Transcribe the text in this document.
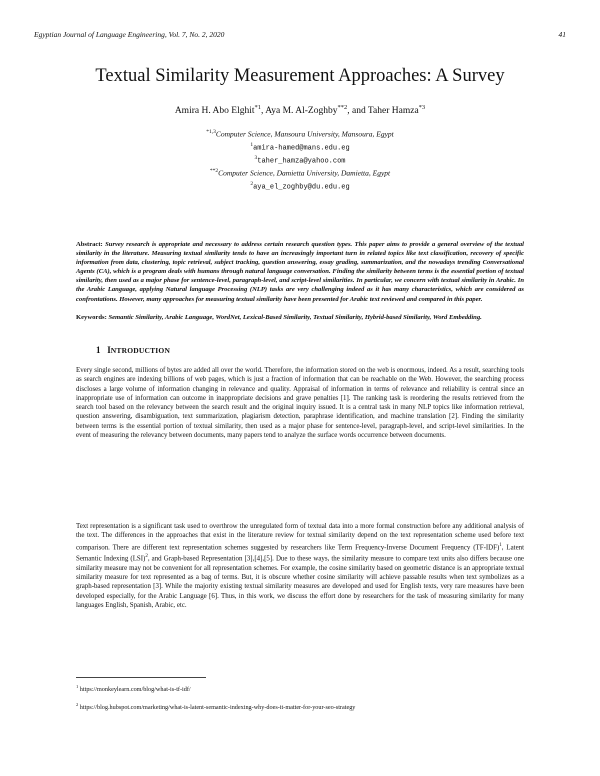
Egyptian Journal of Language Engineering, Vol. 7, No. 2, 2020	41
Textual Similarity Measurement Approaches: A Survey
Amira H. Abo Elghit$^{*1}$, Aya M. Al-Zoghby$^{**2}$, and Taher Hamza$^{*3}$
$^{*1,3}$Computer Science, Mansoura University, Mansoura, Egypt
$^1$amira-hamed@mans.edu.eg
$^3$taher_hamza@yahoo.com
$^{**2}$Computer Science, Damietta University, Damietta, Egypt
$^2$aya_el_zoghby@du.edu.eg
Abstract: Survey research is appropriate and necessary to address certain research question types. This paper aims to provide a general overview of the textual similarity in the literature. Measuring textual similarity tends to have an increasingly important turn in related topics like text classification, recovery of specific information from data, clustering, topic retrieval, subject tracking, question answering, essay grading, summarization, and the nowadays trending Conversational Agents (CA), which is a program deals with humans through natural language conversation. Finding the similarity between terms is the essential portion of textual similarity, then used as a major phase for sentence-level, paragraph-level, and script-level similarities. In particular, we concern with textual similarity in Arabic. In the Arabic Language, applying Natural language Processing (NLP) tasks are very challenging indeed as it has many characteristics, which are considered as confrontations. However, many approaches for measuring textual similarity have been presented for Arabic text reviewed and compared in this paper.
Keywords: Semantic Similarity, Arabic Language, WordNet, Lexical-Based Similarity, Textual Similarity, Hybrid-based Similarity, Word Embedding.
1 INTRODUCTION
Every single second, millions of bytes are added all over the world. Therefore, the information stored on the web is enormous, indeed. As a result, searching tools as search engines are indexing billions of web pages, which is just a fraction of information that can be reachable on the Web. However, the searching process discloses a large volume of information changing in relevance and quality. Appraisal of information in terms of relevance and reliability is central since an inappropriate use of information can outcome in inappropriate decisions and grave penalties [1]. The ranking task is reordering the results retrieved from the search tool based on the relevancy between the search result and the original inquiry issued. It is a central task in many NLP topics like information retrieval, question answering, disambiguation, text summarization, plagiarism detection, paraphrase identification, and machine translation [2]. Finding the similarity between terms is the essential portion of textual similarity, then used as a major phase for sentence-level, paragraph-level, and script-level similarities. In the event of measuring the relevancy between documents, many papers tend to analyze the surface words occurrence between documents.
Text representation is a significant task used to overthrow the unregulated form of textual data into a more formal construction before any additional analysis of the text. The differences in the approaches that exist in the literature review for textual similarity depend on the text representation scheme used before text comparison. There are different text representation schemes suggested by researchers like Term Frequency-Inverse Document Frequency $(TF-IDF)^1$, Latent Semantic Indexing (LSI)$^2$, and Graph-based Representation [3],[4],[5]. Due to these ways, the similarity measure to compare text units also differs because one similarity measure may not be convenient for all representation schemes. For example, the cosine similarity based on geometric distance is an appropriate textual similarity measure for text represented as a bag of terms. But, it is obscure whether cosine similarity will achieve passable results when text symbolizes as a graph-based representation [3]. While the majority existing textual similarity measures are developed and used for English texts, very rare measures have been developed especially, for the Arabic Language [6]. Thus, in this work, we discuss the effort done by researchers for the task of measuring similarity for many languages English, Spanish, Arabic, etc.
$^1$ https://monkeylearn.com/blog/what-is-tf-idf/
$^2$ https://blog.hubspot.com/marketing/what-is-latent-semantic-indexing-why-does-it-matter-for-your-seo-strategy
